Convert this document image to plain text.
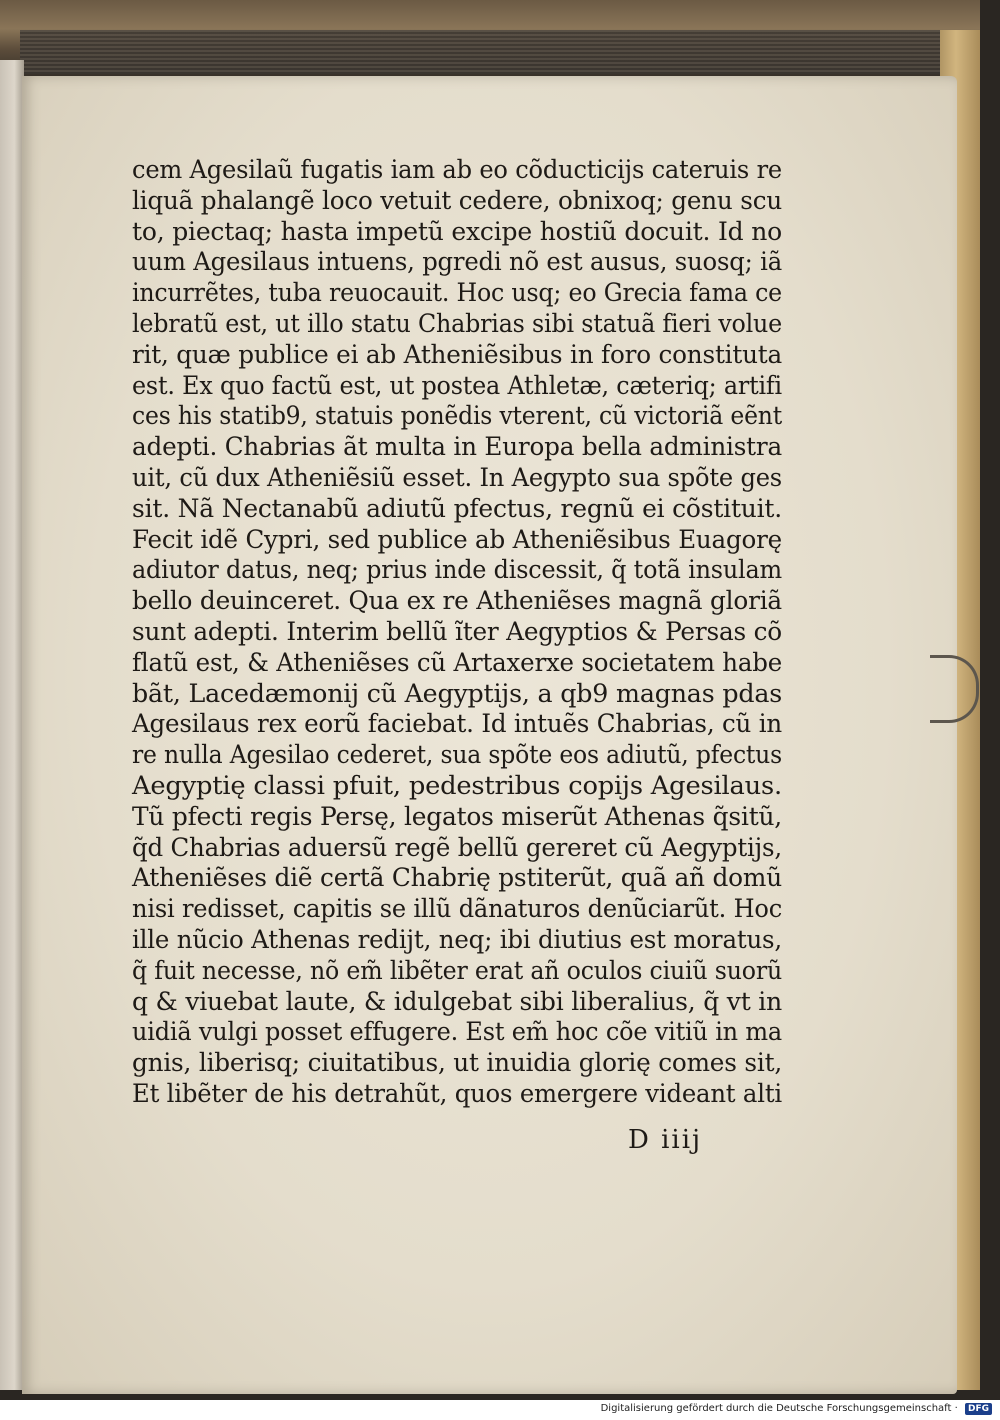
cem Agesilaũ fugatis iam ab eo cõducticijs cateruis re
liquã phalangẽ loco vetuit cedere, obnixoq; genu scu
to, piectaq; hasta impetũ excipe hostiũ docuit. Id no
uum Agesilaus intuens, pgredi nõ est ausus, suosq; iã
incurrẽtes, tuba reuocauit. Hoc usq; eo Grecia fama ce
lebratũ est, ut illo statu Chabrias sibi statuã fieri volue
rit, quæ publice ei ab Atheniẽsibus in foro constituta
est. Ex quo factũ est, ut postea Athletæ, cæteriq; artifi
ces his statib9, statuis ponẽdis vterent, cũ victoriã eẽnt
adepti. Chabrias ãt multa in Europa bella administra
uit, cũ dux Atheniẽsiũ esset. In Aegypto sua spõte ges
sit. Nã Nectanabũ adiutũ pfectus, regnũ ei cõstituit.
Fecit idẽ Cypri, sed publice ab Atheniẽsibus Euagorę
adiutor datus, neq; prius inde discessit, q̃ totã insulam
bello deuinceret. Qua ex re Atheniẽses magnã gloriã
sunt adepti. Interim bellũ ĩter Aegyptios & Persas cõ
flatũ est, & Atheniẽses cũ Artaxerxe societatem habe
bãt, Lacedæmonij cũ Aegyptijs, a qb9 magnas pdas
Agesilaus rex eorũ faciebat. Id intuẽs Chabrias, cũ in
re nulla Agesilao cederet, sua spõte eos adiutũ, pfectus
Aegyptię classi pfuit, pedestribus copijs Agesilaus.
Tũ pfecti regis Persę, legatos miserũt Athenas q̃sitũ,
q̃d Chabrias aduersũ regẽ bellũ gereret cũ Aegyptijs,
Atheniẽses diẽ certã Chabrię pstiterũt, quã añ domũ
nisi redisset, capitis se illũ dãnaturos denũciarũt. Hoc
ille nũcio Athenas redijt, neq; ibi diutius est moratus,
q̃ fuit necesse, nõ em̃ libẽter erat añ oculos ciuiũ suorũ
q & viuebat laute, & idulgebat sibi liberalius, q̃ vt in
uidiã vulgi posset effugere. Est em̃ hoc cõe vitiũ in ma
gnis, liberisq; ciuitatibus, ut inuidia glorię comes sit,
Et libẽter de his detrahũt, quos emergere videant alti
D iiij
Digitalisierung gefördert durch die Deutsche Forschungsgemeinschaft · DFG
